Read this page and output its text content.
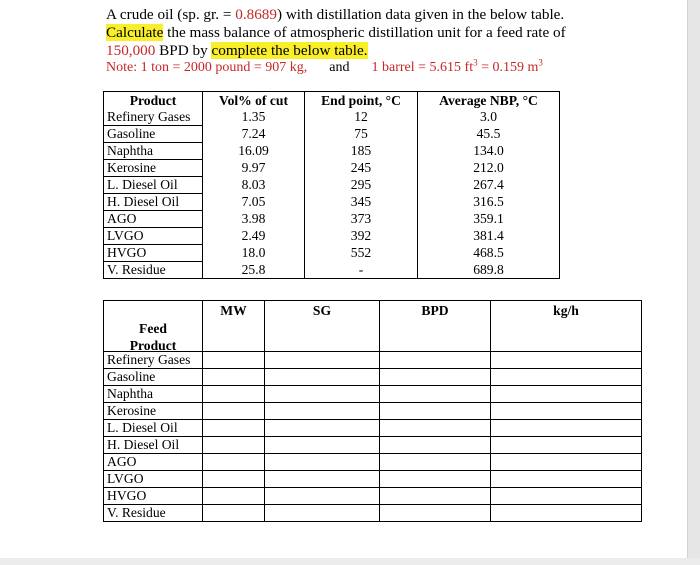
A crude oil (sp. gr. = 0.8689) with distillation data given in the below table.
Calculate the mass balance of atmospheric distillation unit for a feed rate of
150,000 BPD by complete the below table.
Note: 1 ton = 2000 pound = 907 kg, and 1 barrel = 5.615 $ft^3 = 0.159$ $m^3$
Product	Vol% of cut	End point, °C	Average NBP, °C
Refinery Gases	1.35	12	3.0
Gasoline	7.24	75	45.5
Naphtha	16.09	185	134.0
Kerosine	9.97	245	212.0
L. Diesel Oil	8.03	295	267.4
H. Diesel Oil	7.05	345	316.5
AGO	3.98	373	359.1
LVGO	2.49	392	381.4
HVGO	18.0	552	468.5
V. Residue	25.8	-	689.8
Feed
Product	MW	SG	BPD	kg/h
Refinery Gases				
Gasoline				
Naphtha				
Kerosine				
L. Diesel Oil				
H. Diesel Oil				
AGO				
LVGO				
HVGO				
V. Residue				
